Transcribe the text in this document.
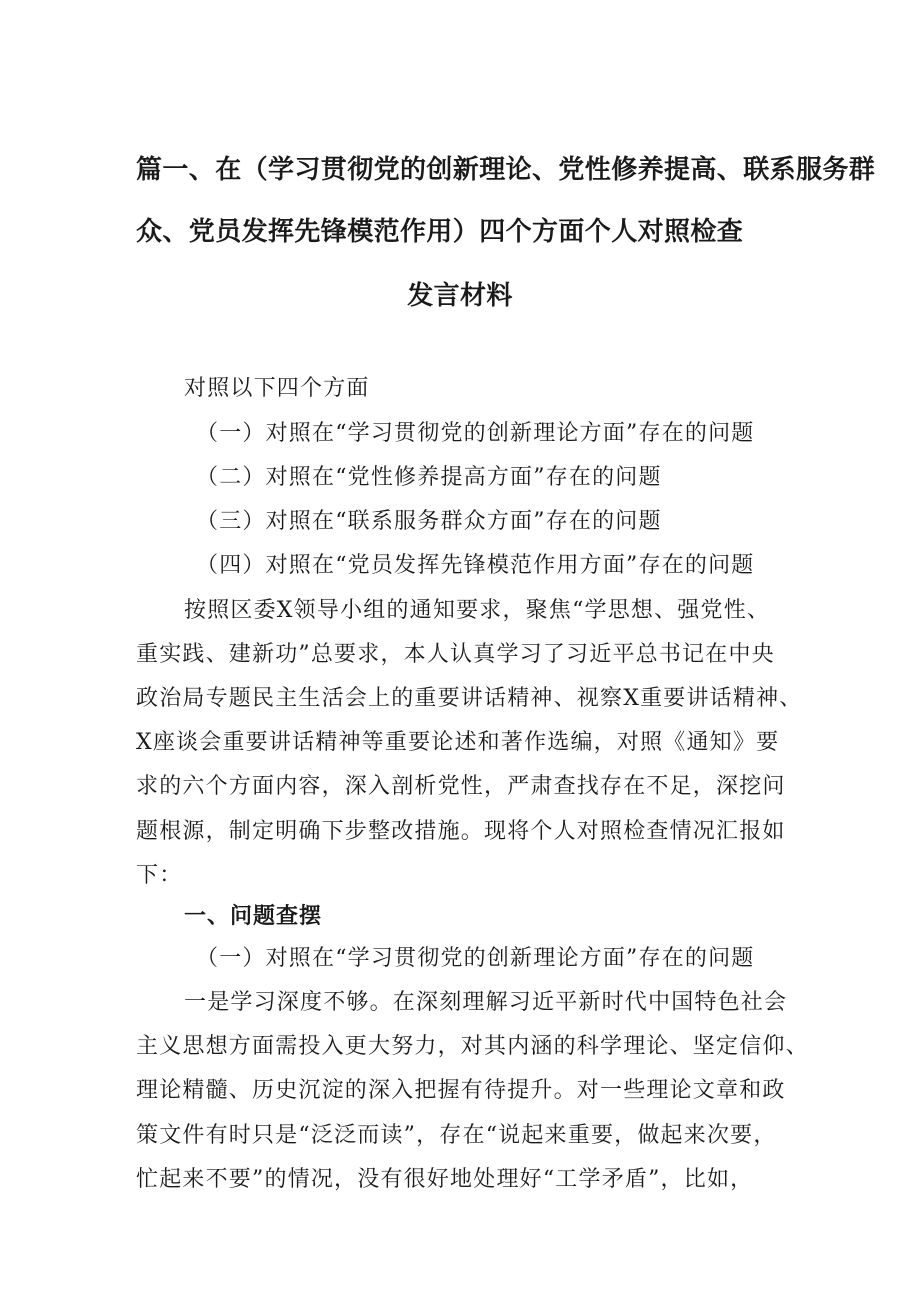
篇一、在（学习贯彻党的创新理论、党性修养提高、联系服务群
众、党员发挥先锋模范作用）四个方面个人对照检查
发言材料
对照以下四个方面
（一）对照在“学习贯彻党的创新理论方面”存在的问题
（二）对照在“党性修养提高方面”存在的问题
（三）对照在“联系服务群众方面”存在的问题
（四）对照在“党员发挥先锋模范作用方面”存在的问题
按照区委X领导小组的通知要求，聚焦“学思想、强党性、
重实践、建新功”总要求，本人认真学习了习近平总书记在中央
政治局专题民主生活会上的重要讲话精神、视察X重要讲话精神、
X座谈会重要讲话精神等重要论述和著作选编，对照《通知》要
求的六个方面内容，深入剖析党性，严肃查找存在不足，深挖问
题根源，制定明确下步整改措施。现将个人对照检查情况汇报如
下：
一、问题查摆
（一）对照在“学习贯彻党的创新理论方面”存在的问题
一是学习深度不够。在深刻理解习近平新时代中国特色社会
主义思想方面需投入更大努力，对其内涵的科学理论、坚定信仰、
理论精髓、历史沉淀的深入把握有待提升。对一些理论文章和政
策文件有时只是“泛泛而读”，存在“说起来重要，做起来次要，
忙起来不要”的情况，没有很好地处理好“工学矛盾”，比如，
